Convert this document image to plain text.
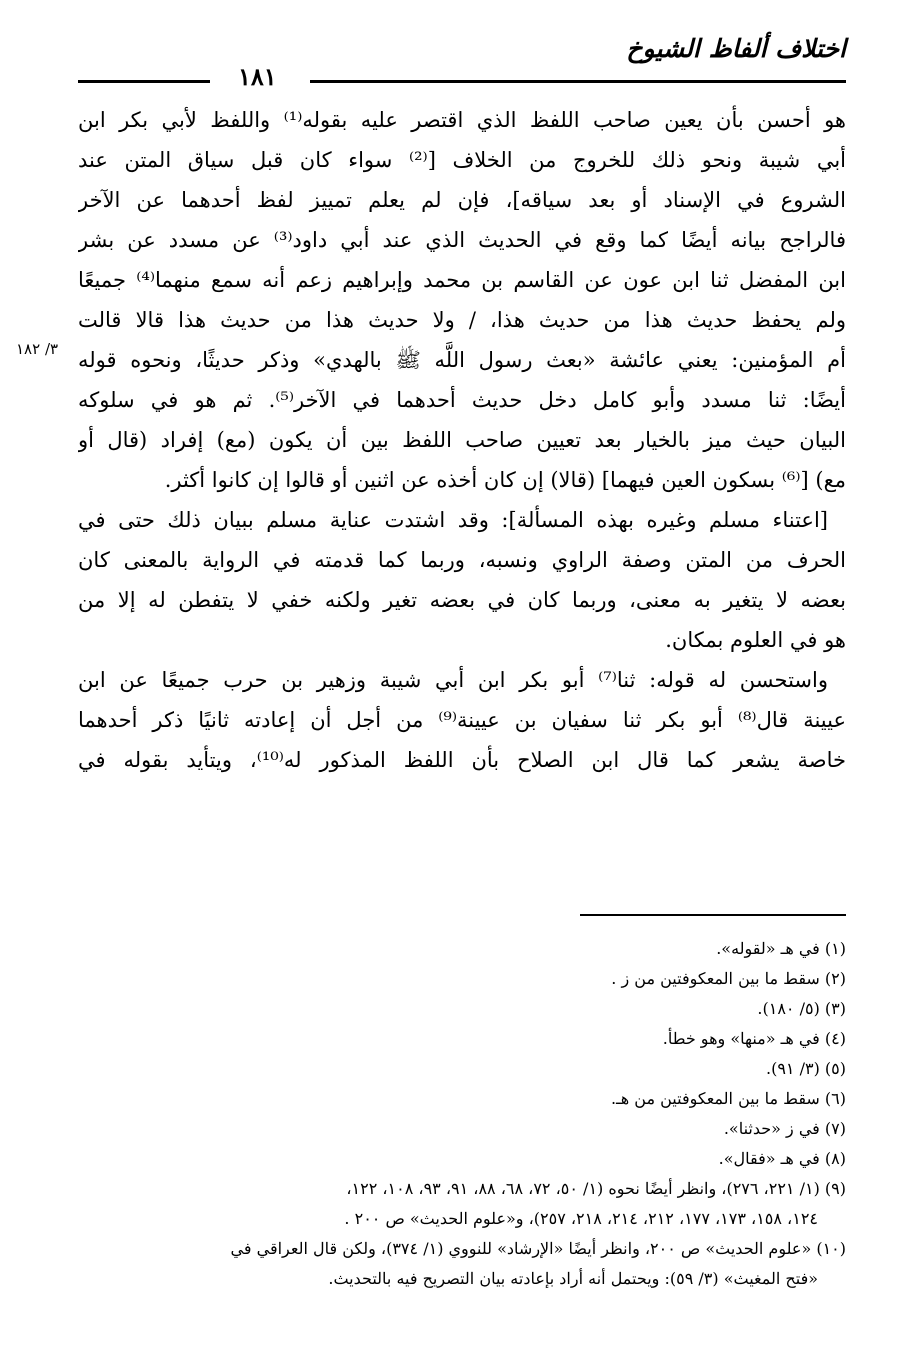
اختلاف ألفاظ الشيوخ
١٨١
٣/ ١٨٢
هو أحسن بأن يعين صاحب اللفظ الذي اقتصر عليه بقوله⁽¹⁾ واللفظ لأبي بكر ابن
أبي شيبة ونحو ذلك للخروج من الخلاف [⁽²⁾ سواء كان قبل سياق المتن عند
الشروع في الإسناد أو بعد سياقه]، فإن لم يعلم تمييز لفظ أحدهما عن الآخر
فالراجح بيانه أيضًا كما وقع في الحديث الذي عند أبي داود⁽³⁾ عن مسدد عن بشر
ابن المفضل ثنا ابن عون عن القاسم بن محمد وإبراهيم زعم أنه سمع منهما⁽⁴⁾ جميعًا
ولم يحفظ حديث هذا من حديث هذا، / ولا حديث هذا من حديث هذا قالا قالت
أم المؤمنين: يعني عائشة «بعث رسول اللَّه ﷺ بالهدي» وذكر حديثًا، ونحوه قوله
أيضًا: ثنا مسدد وأبو كامل دخل حديث أحدهما في الآخر⁽⁵⁾. ثم هو في سلوكه
البيان حيث ميز بالخيار بعد تعيين صاحب اللفظ بين أن يكون (مع) إفراد (قال أو
مع) [⁽⁶⁾ بسكون العين فيهما] (قالا) إن كان أخذه عن اثنين أو قالوا إن كانوا أكثر.
[اعتناء مسلم وغيره بهذه المسألة]: وقد اشتدت عناية مسلم ببيان ذلك حتى في
الحرف من المتن وصفة الراوي ونسبه، وربما كما قدمته في الرواية بالمعنى كان
بعضه لا يتغير به معنى، وربما كان في بعضه تغير ولكنه خفي لا يتفطن له إلا من
هو في العلوم بمكان.
واستحسن له قوله: ثنا⁽⁷⁾ أبو بكر ابن أبي شيبة وزهير بن حرب جميعًا عن ابن
عيينة قال⁽⁸⁾ أبو بكر ثنا سفيان بن عيينة⁽⁹⁾ من أجل أن إعادته ثانيًا ذكر أحدهما
خاصة يشعر كما قال ابن الصلاح بأن اللفظ المذكور له⁽¹⁰⁾، ويتأيد بقوله في
(١) في هـ «لقوله».
(٢) سقط ما بين المعكوفتين من ز .
(٣) (٥/ ١٨٠).
(٤) في هـ «منها» وهو خطأ.
(٥) (٣/ ٩١).
(٦) سقط ما بين المعكوفتين من هـ.
(٧) في ز «حدثنا».
(٨) في هـ «فقال».
(٩) (١/ ٢٢١، ٢٧٦)، وانظر أيضًا نحوه (١/ ٥٠، ٧٢، ٦٨، ٨٨، ٩١، ٩٣، ١٠٨، ١٢٢،
١٢٤، ١٥٨، ١٧٣، ١٧٧، ٢١٢، ٢١٤، ٢١٨، ٢٥٧)، و«علوم الحديث» ص ٢٠٠ .
(١٠) «علوم الحديث» ص ٢٠٠، وانظر أيضًا «الإرشاد» للنووي (١/ ٣٧٤)، ولكن قال العراقي في
«فتح المغيث» (٣/ ٥٩): ويحتمل أنه أراد بإعادته بيان التصريح فيه بالتحديث.
